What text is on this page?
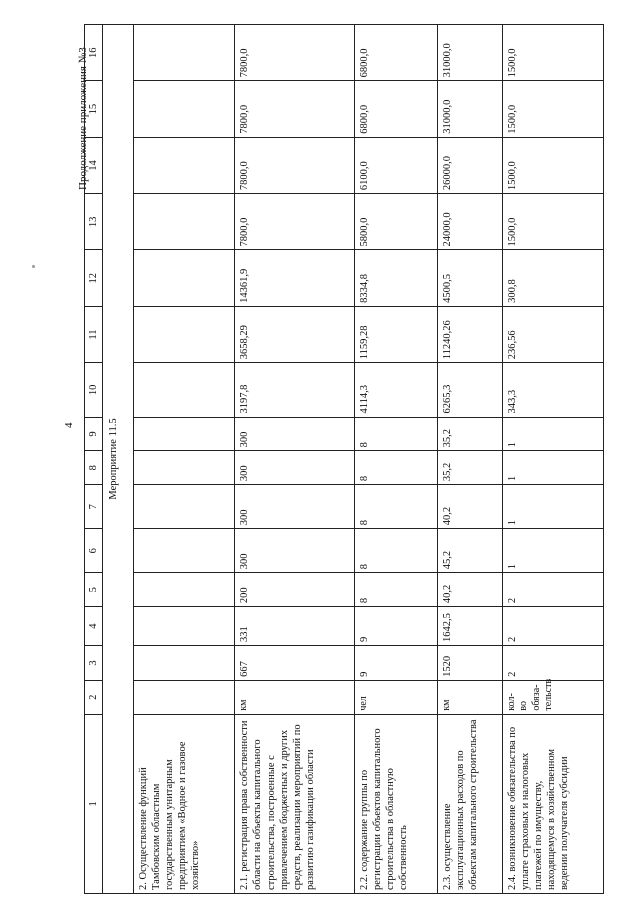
4
Продолжение приложения №3
1	2	3	4	5	6	7	8	9	10	11	12	13	14	15	16
Мероприятие 11.5															
2. Осуществление функций Тамбовским областным государственным унитарным предприятием «Водное и газовое хозяйство»															
2.1. регистрация права собственности области на объекты капитального строительства, построенные с привлечением бюджетных и других средств, реализации мероприятий по развитию газификации области	км	667	331	200	300	300	300	300	3197,8	3658,29	14361,9	7800,0	7800,0	7800,0	7800,0
2.2. содержание группы по регистрации объектов капитального строительства в областную собственность	чел	9	9	8	8	8	8	8	4114,3	1159,28	8334,8	5800,0	6100,0	6800,0	6800,0
2.3. осуществление эксплуатационных расходов по объектам капитального строительства	км	1520	1642,5	40,2	45,2	40,2	35,2	35,2	6265,3	11240,26	4500,5	24000,0	26000,0	31000,0	31000,0
2.4. возникновение обязательства по уплате страховых и налоговых платежей по имуществу, находящемуся в хозяйственном ведении получателя субсидии	кол-во обяза-тельств	2	2	2	1	1	1	1	343,3	236,56	300,8	1500,0	1500,0	1500,0	1500,0
